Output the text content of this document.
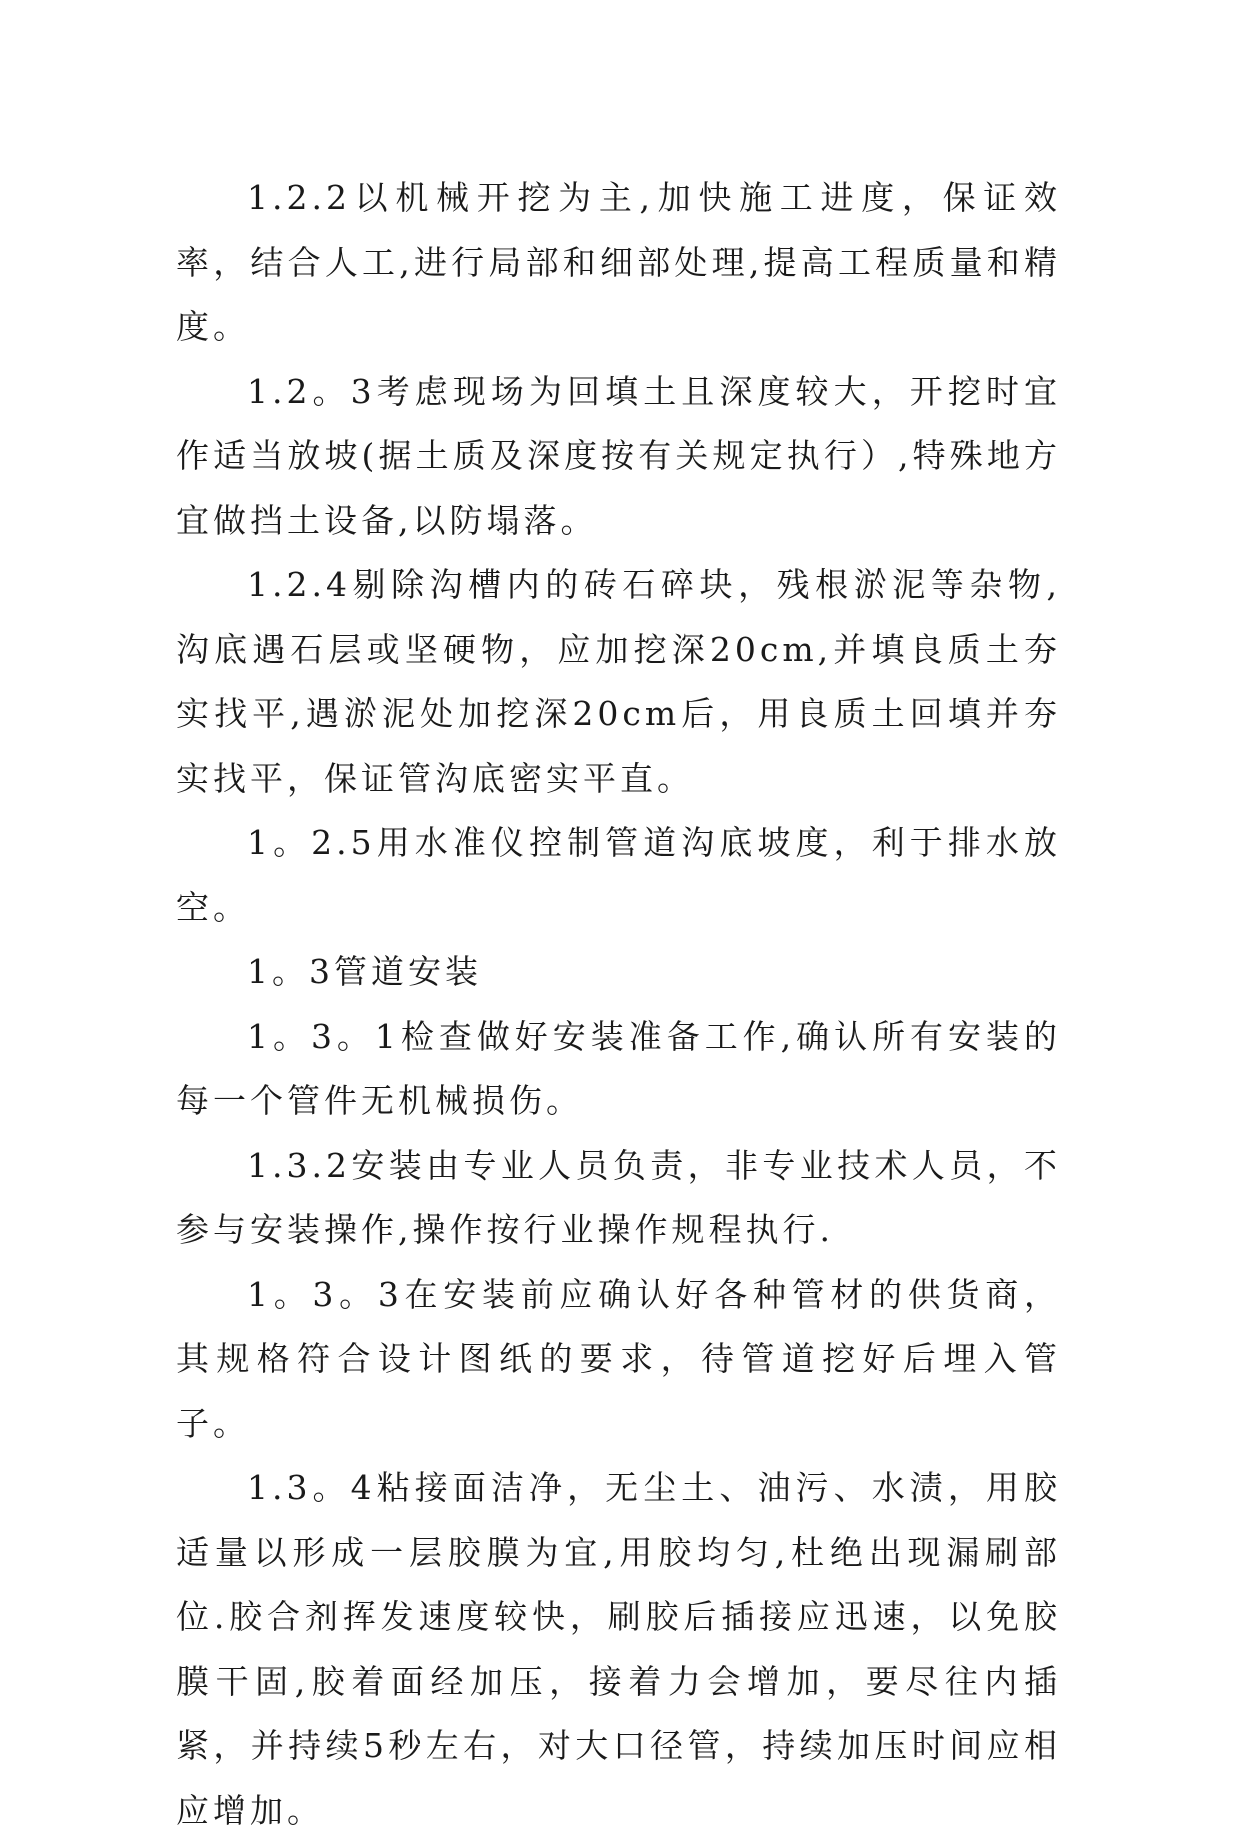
1.2.2以机械开挖为主,加快施工进度，保证效率，结合人工,进行局部和细部处理,提高工程质量和精度。

1.2。3考虑现场为回填土且深度较大，开挖时宜作适当放坡(据土质及深度按有关规定执行）,特殊地方宜做挡土设备,以防塌落。

1.2.4剔除沟槽内的砖石碎块，残根淤泥等杂物,沟底遇石层或坚硬物，应加挖深20cm,并填良质土夯实找平,遇淤泥处加挖深20cm后，用良质土回填并夯实找平，保证管沟底密实平直。

1。2.5用水准仪控制管道沟底坡度，利于排水放空。

1。3管道安装

1。3。1检查做好安装准备工作,确认所有安装的每一个管件无机械损伤。

1.3.2安装由专业人员负责，非专业技术人员，不参与安装操作,操作按行业操作规程执行.

1。3。3在安装前应确认好各种管材的供货商，其规格符合设计图纸的要求，待管道挖好后埋入管子。

1.3。4粘接面洁净，无尘土、油污、水渍，用胶适量以形成一层胶膜为宜,用胶均匀,杜绝出现漏刷部位.胶合剂挥发速度较快，刷胶后插接应迅速，以免胶膜干固,胶着面经加压，接着力会增加，要尽往内插紧，并持续5秒左右，对大口径管，持续加压时间应相应增加。
